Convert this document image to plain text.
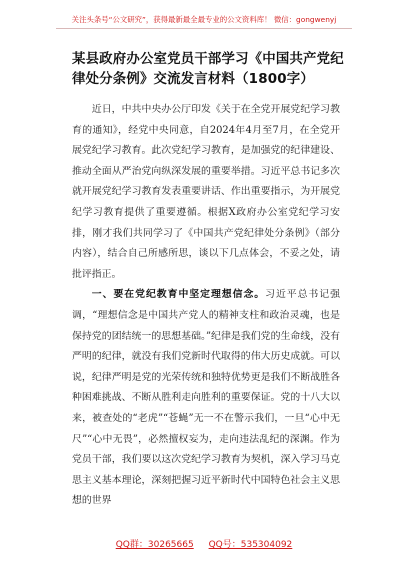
关注头条号“公文研究”，获得最新最全最专业的公文资料库！ 微信：gongwenyj
某县政府办公室党员干部学习《中国共产党纪律处分条例》交流发言材料（1800字）

近日，中共中央办公厅印发《关于在全党开展党纪学习教育的通知》，经党中央同意，自2024年4月至7月，在全党开展党纪学习教育。此次党纪学习教育，是加强党的纪律建设、推动全面从严治党向纵深发展的重要举措。习近平总书记多次就开展党纪学习教育发表重要讲话、作出重要指示，为开展党纪学习教育提供了重要遵循。根据X政府办公室党纪学习安排，刚才我们共同学习了《中国共产党纪律处分条例》（部分内容），结合自己所感所思，谈以下几点体会，不妥之处，请批评指正。

一、要在党纪教育中坚定理想信念。习近平总书记强调，“理想信念是中国共产党人的精神支柱和政治灵魂，也是保持党的团结统一的思想基础。”纪律是我们党的生命线，没有严明的纪律，就没有我们党新时代取得的伟大历史成就。可以说，纪律严明是党的光荣传统和独特优势更是我们不断战胜各种困难挑战、不断从胜利走向胜利的重要保证。党的十八大以来，被查处的“老虎”“苍蝇”无一不在警示我们，一旦“心中无尺”“心中无畏”，必然擅权妄为，走向违法乱纪的深渊。作为党员干部，我们要以这次党纪学习教育为契机，深入学习马克思主义基本理论，深刻把握习近平新时代中国特色社会主义思想的世界

QQ群：30265665 QQ号：535304092
